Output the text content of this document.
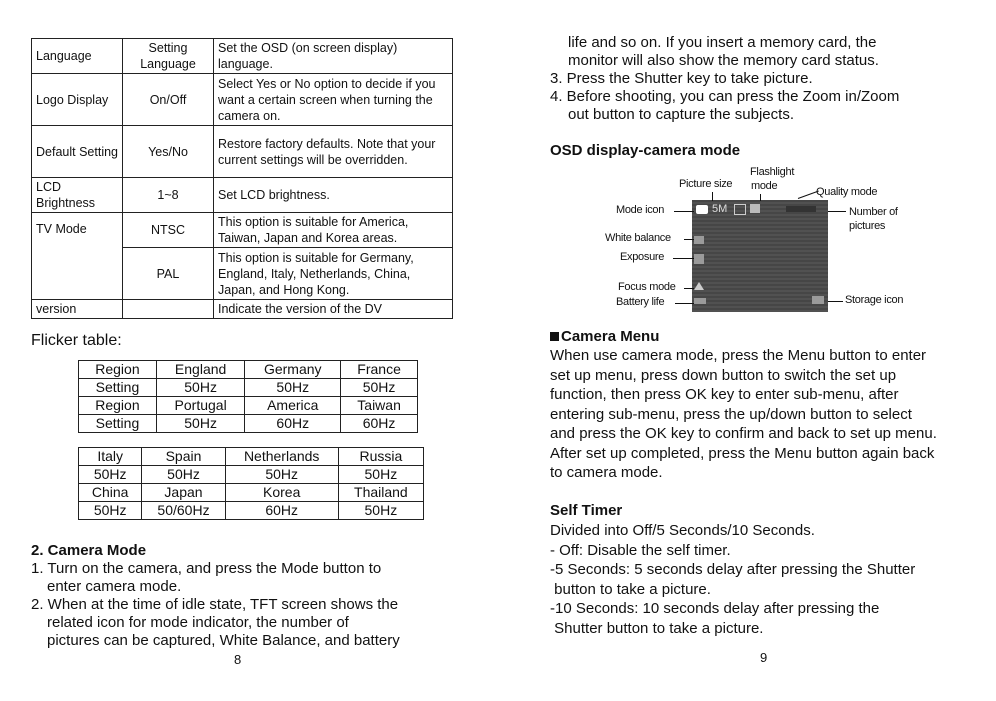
Language	Setting Language	Set the OSD (on screen display) language.
Logo Display	On/Off	Select Yes or No option to decide if you want a certain screen when turning the camera on.
Default Setting	Yes/No	Restore factory defaults. Note that your current settings will be overridden.
LCD Brightness	1~8	Set LCD brightness.
TV Mode	NTSC	This option is suitable for America, Taiwan, Japan and Korea areas.
	PAL	This option is suitable for Germany, England, Italy, Netherlands, China, Japan, and Hong Kong.
version		Indicate the version of the DV
Flicker table:
Region	England	Germany	France
Setting	50Hz	50Hz	50Hz
Region	Portugal	America	Taiwan
Setting	50Hz	60Hz	60Hz
Italy	Spain	Netherlands	Russia
50Hz	50Hz	50Hz	50Hz
China	Japan	Korea	Thailand
50Hz	50/60Hz	60Hz	50Hz
2. Camera Mode
1. Turn on the camera, and press the Mode button to
enter camera mode.
2. When at the time of idle state, TFT screen shows the
related icon for mode indicator, the number of
pictures can be captured, White Balance, and battery
8
life and so on. If you insert a memory card, the
monitor will also show the memory card status.
3. Press the Shutter key to take picture.
4. Before shooting, you can press the Zoom in/Zoom
out button to capture the subjects.
OSD display-camera mode
5M
Flashlight
mode
Picture size
Quality mode
Mode icon	Number of
pictures
White balance
Exposure
Focus mode
Battery life	Storage icon
Camera Menu
When use camera mode, press the Menu button to enter
set up menu, press down button to switch the set up
function, then press OK key to enter sub-menu, after
entering sub-menu, press the up/down button to select
and press the OK key to confirm and back to set up menu.
After set up completed, press the Menu button again back
to camera mode.
Self Timer
Divided into Off/5 Seconds/10 Seconds.
- Off: Disable the self timer.
-5 Seconds: 5 seconds delay after pressing the Shutter
button to take a picture.
-10 Seconds: 10 seconds delay after pressing the
Shutter button to take a picture.
9
